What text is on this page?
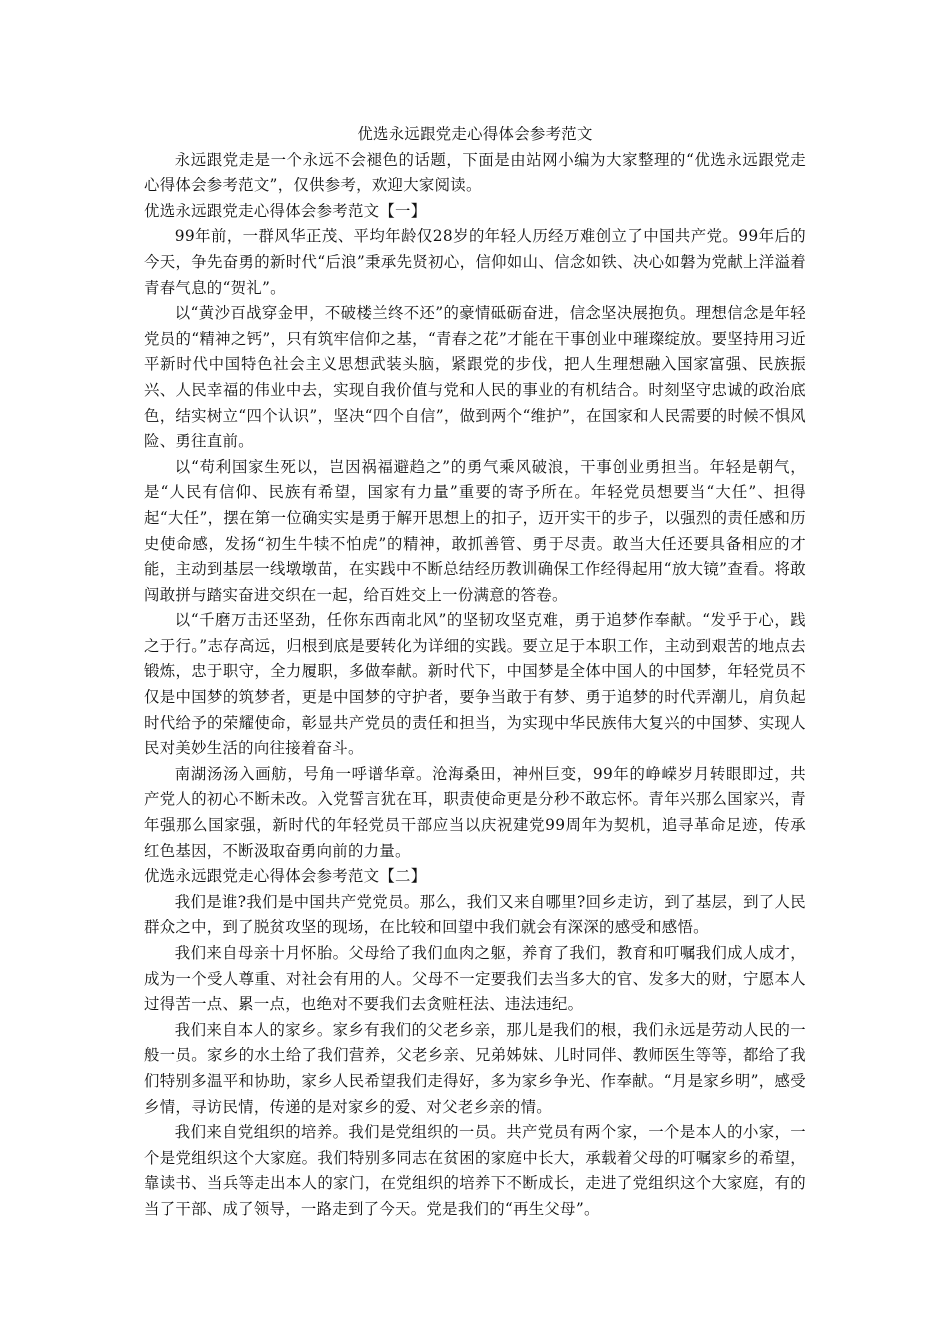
优选永远跟党走心得体会参考范文

永远跟党走是一个永远不会褪色的话题，下面是由站网小编为大家整理的“优选永远跟党走心得体会参考范文”，仅供参考，欢迎大家阅读。

优选永远跟党走心得体会参考范文【一】

99年前，一群风华正茂、平均年龄仅28岁的年轻人历经万难创立了中国共产党。99年后的今天，争先奋勇的新时代“后浪”秉承先贤初心，信仰如山、信念如铁、决心如磐为党献上洋溢着青春气息的“贺礼”。

以“黄沙百战穿金甲，不破楼兰终不还”的豪情砥砺奋进，信念坚决展抱负。理想信念是年轻党员的“精神之钙”，只有筑牢信仰之基，“青春之花”才能在干事创业中璀璨绽放。要坚持用习近平新时代中国特色社会主义思想武装头脑，紧跟党的步伐，把人生理想融入国家富强、民族振兴、人民幸福的伟业中去，实现自我价值与党和人民的事业的有机结合。时刻坚守忠诚的政治底色，结实树立“四个认识”，坚决“四个自信”，做到两个“维护”，在国家和人民需要的时候不惧风险、勇往直前。

以“苟利国家生死以，岂因祸福避趋之”的勇气乘风破浪，干事创业勇担当。年轻是朝气，是“人民有信仰、民族有希望，国家有力量”重要的寄予所在。年轻党员想要当“大任”、担得起“大任”，摆在第一位确实实是勇于解开思想上的扣子，迈开实干的步子，以强烈的责任感和历史使命感，发扬“初生牛犊不怕虎”的精神，敢抓善管、勇于尽责。敢当大任还要具备相应的才能，主动到基层一线墩墩苗，在实践中不断总结经历教训确保工作经得起用“放大镜”查看。将敢闯敢拼与踏实奋进交织在一起，给百姓交上一份满意的答卷。

以“千磨万击还坚劲，任你东西南北风”的坚韧攻坚克难，勇于追梦作奉献。“发乎于心，践之于行。”志存高远，归根到底是要转化为详细的实践。要立足于本职工作，主动到艰苦的地点去锻炼，忠于职守，全力履职，多做奉献。新时代下，中国梦是全体中国人的中国梦，年轻党员不仅是中国梦的筑梦者，更是中国梦的守护者，要争当敢于有梦、勇于追梦的时代弄潮儿，肩负起时代给予的荣耀使命，彰显共产党员的责任和担当，为实现中华民族伟大复兴的中国梦、实现人民对美妙生活的向往接着奋斗。

南湖汤汤入画舫，号角一呼谱华章。沧海桑田，神州巨变，99年的峥嵘岁月转眼即过，共产党人的初心不断未改。入党誓言犹在耳，职责使命更是分秒不敢忘怀。青年兴那么国家兴，青年强那么国家强，新时代的年轻党员干部应当以庆祝建党99周年为契机，追寻革命足迹，传承红色基因，不断汲取奋勇向前的力量。

优选永远跟党走心得体会参考范文【二】

我们是谁?我们是中国共产党党员。那么，我们又来自哪里?回乡走访，到了基层，到了人民群众之中，到了脱贫攻坚的现场，在比较和回望中我们就会有深深的感受和感悟。

我们来自母亲十月怀胎。父母给了我们血肉之躯，养育了我们，教育和叮嘱我们成人成才，成为一个受人尊重、对社会有用的人。父母不一定要我们去当多大的官、发多大的财，宁愿本人过得苦一点、累一点，也绝对不要我们去贪赃枉法、违法违纪。

我们来自本人的家乡。家乡有我们的父老乡亲，那儿是我们的根，我们永远是劳动人民的一般一员。家乡的水土给了我们营养，父老乡亲、兄弟姊妹、儿时同伴、教师医生等等，都给了我们特别多温平和协助，家乡人民希望我们走得好，多为家乡争光、作奉献。“月是家乡明”，感受乡情，寻访民情，传递的是对家乡的爱、对父老乡亲的情。

我们来自党组织的培养。我们是党组织的一员。共产党员有两个家，一个是本人的小家，一个是党组织这个大家庭。我们特别多同志在贫困的家庭中长大，承载着父母的叮嘱家乡的希望，靠读书、当兵等走出本人的家门，在党组织的培养下不断成长，走进了党组织这个大家庭，有的当了干部、成了领导，一路走到了今天。党是我们的“再生父母”。
